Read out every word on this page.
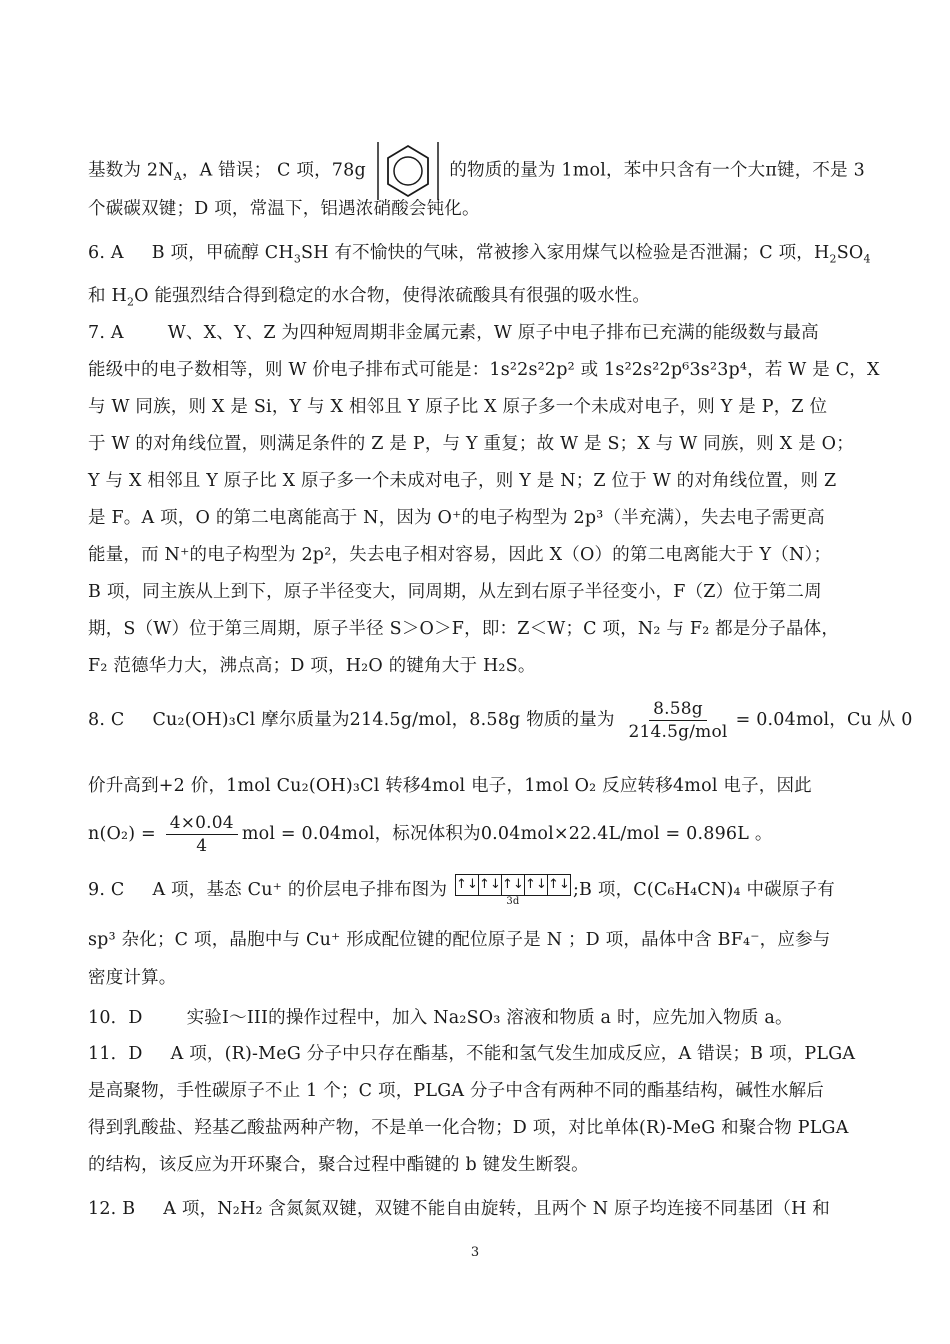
基数为 $2N_A$，A 错误； C 项，78g	的物质的量为 1mol，苯中只含有一个大π键，不是 3
个碳碳双键；D 项，常温下，铝遇浓硝酸会钝化。
6. A B 项，甲硫醇 $CH_3SH$ 有不愉快的气味，常被掺入家用煤气以检验是否泄漏；C 项，$H_2SO_4$
和 $H_2O$ 能强烈结合得到稳定的水合物，使得浓硫酸具有很强的吸水性。
7. A	W、X、Y、Z 为四种短周期非金属元素，W 原子中电子排布已充满的能级数与最高
能级中的电子数相等，则 W 价电子排布式可能是：1s²2s²2p² 或 1s²2s²2p⁶3s²3p⁴，若 W 是 C，X
与 W 同族，则 X 是 Si，Y 与 X 相邻且 Y 原子比 X 原子多一个未成对电子，则 Y 是 P，Z 位
于 W 的对角线位置，则满足条件的 Z 是 P，与 Y 重复；故 W 是 S；X 与 W 同族，则 X 是 O；
Y 与 X 相邻且 Y 原子比 X 原子多一个未成对电子，则 Y 是 N；Z 位于 W 的对角线位置，则 Z
是 F。A 项，O 的第二电离能高于 N，因为 O⁺的电子构型为 2p³（半充满），失去电子需更高
能量，而 N⁺的电子构型为 2p²，失去电子相对容易，因此 X（O）的第二电离能大于 Y（N）；
B 项，同主族从上到下，原子半径变大，同周期，从左到右原子半径变小，F（Z）位于第二周
期，S（W）位于第三周期，原子半径 S＞O＞F，即：Z＜W；C 项，N₂ 与 F₂ 都是分子晶体，
F₂ 范德华力大，沸点高；D 项，H₂O 的键角大于 H₂S。
8. C Cu₂(OH)₃Cl 摩尔质量为214.5g/mol，8.58g 物质的量为 $\frac{8.58g}{\text{214.5g/mol}} = 0.04mol$，Cu 从 0
价升高到+2 价，1mol Cu₂(OH)₃Cl 转移4mol 电子，1mol O₂ 反应转移4mol 电子，因此
$n(O_2) = \frac{4\times 0.04}{4}$ mol = 0.04mol，标况体积为0.04mol×22.4L/mol = 0.896L 。
9. C A 项，基态 Cu⁺ 的价层电子排布图为 ↑↓ ↑↓ ↑↓ ↑↓ ↑↓
3d
;B 项，C(C₆H₄CN)₄ 中碳原子有
sp³ 杂化；C 项，晶胞中与 Cu⁺ 形成配位键的配位原子是 N ；D 项，晶体中含 BF₄⁻，应参与
密度计算。
10．D	实验I～III的操作过程中，加入 Na₂SO₃ 溶液和物质 a 时，应先加入物质 a。
11．D A 项，(R)-MeG 分子中只存在酯基，不能和氢气发生加成反应，A 错误；B 项，PLGA
是高聚物，手性碳原子不止 1 个；C 项，PLGA 分子中含有两种不同的酯基结构，碱性水解后
得到乳酸盐、羟基乙酸盐两种产物，不是单一化合物；D 项，对比单体(R)-MeG 和聚合物 PLGA
的结构，该反应为开环聚合，聚合过程中酯键的 b 键发生断裂。
12. B A 项，N₂H₂ 含氮氮双键，双键不能自由旋转，且两个 N 原子均连接不同基团（H 和
3
